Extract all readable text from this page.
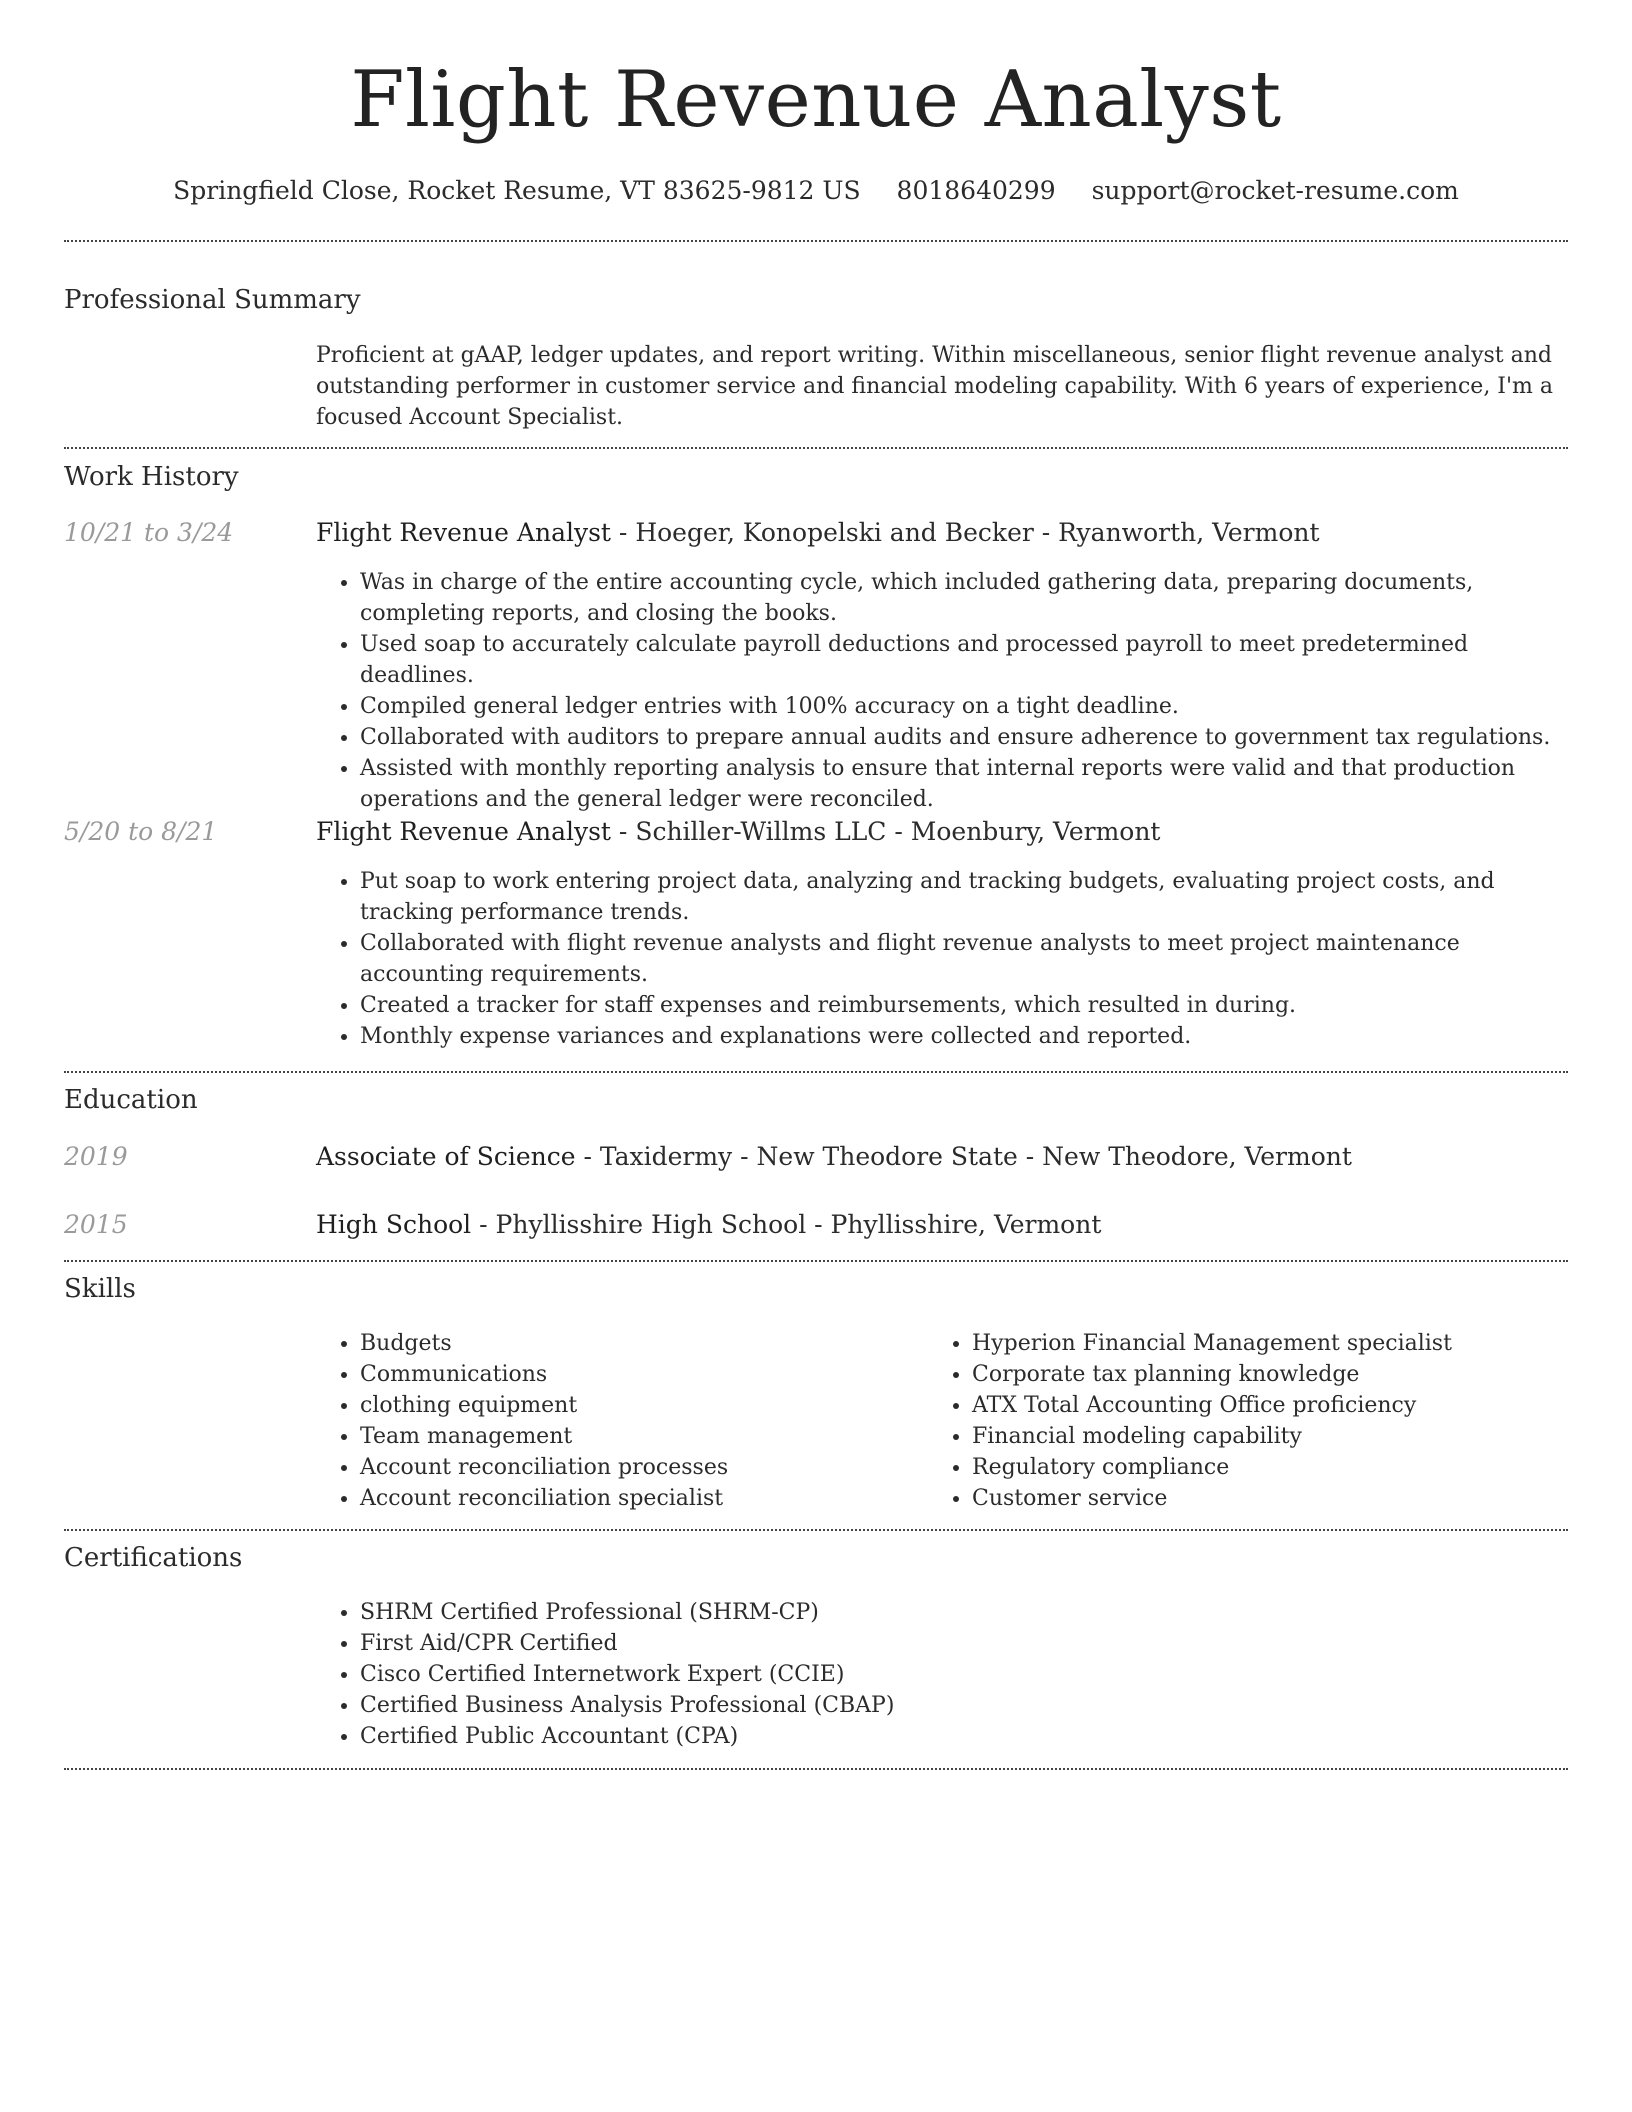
Flight Revenue Analyst
Springfield Close, Rocket Resume, VT 83625-9812 US 8018640299 support@rocket-resume.com
Professional Summary
Proficient at gAAP, ledger updates, and report writing. Within miscellaneous, senior flight revenue analyst and outstanding performer in customer service and financial modeling capability. With 6 years of experience, I'm a focused Account Specialist.
Work History
10/21 to 3/24	Flight Revenue Analyst - Hoeger, Konopelski and Becker - Ryanworth, Vermont
• Was in charge of the entire accounting cycle, which included gathering data, preparing documents, completing reports, and closing the books.
• Used soap to accurately calculate payroll deductions and processed payroll to meet predetermined deadlines.
• Compiled general ledger entries with 100% accuracy on a tight deadline.
• Collaborated with auditors to prepare annual audits and ensure adherence to government tax regulations.
• Assisted with monthly reporting analysis to ensure that internal reports were valid and that production operations and the general ledger were reconciled.
5/20 to 8/21	Flight Revenue Analyst - Schiller-Willms LLC - Moenbury, Vermont
• Put soap to work entering project data, analyzing and tracking budgets, evaluating project costs, and tracking performance trends.
• Collaborated with flight revenue analysts and flight revenue analysts to meet project maintenance accounting requirements.
• Created a tracker for staff expenses and reimbursements, which resulted in during.
• Monthly expense variances and explanations were collected and reported.
Education
2019	Associate of Science - Taxidermy - New Theodore State - New Theodore, Vermont
2015	High School - Phyllisshire High School - Phyllisshire, Vermont
Skills
• Budgets
• Communications
• clothing equipment
• Team management
• Account reconciliation processes
• Account reconciliation specialist
• Hyperion Financial Management specialist
• Corporate tax planning knowledge
• ATX Total Accounting Office proficiency
• Financial modeling capability
• Regulatory compliance
• Customer service
Certifications
• SHRM Certified Professional (SHRM-CP)
• First Aid/CPR Certified
• Cisco Certified Internetwork Expert (CCIE)
• Certified Business Analysis Professional (CBAP)
• Certified Public Accountant (CPA)
